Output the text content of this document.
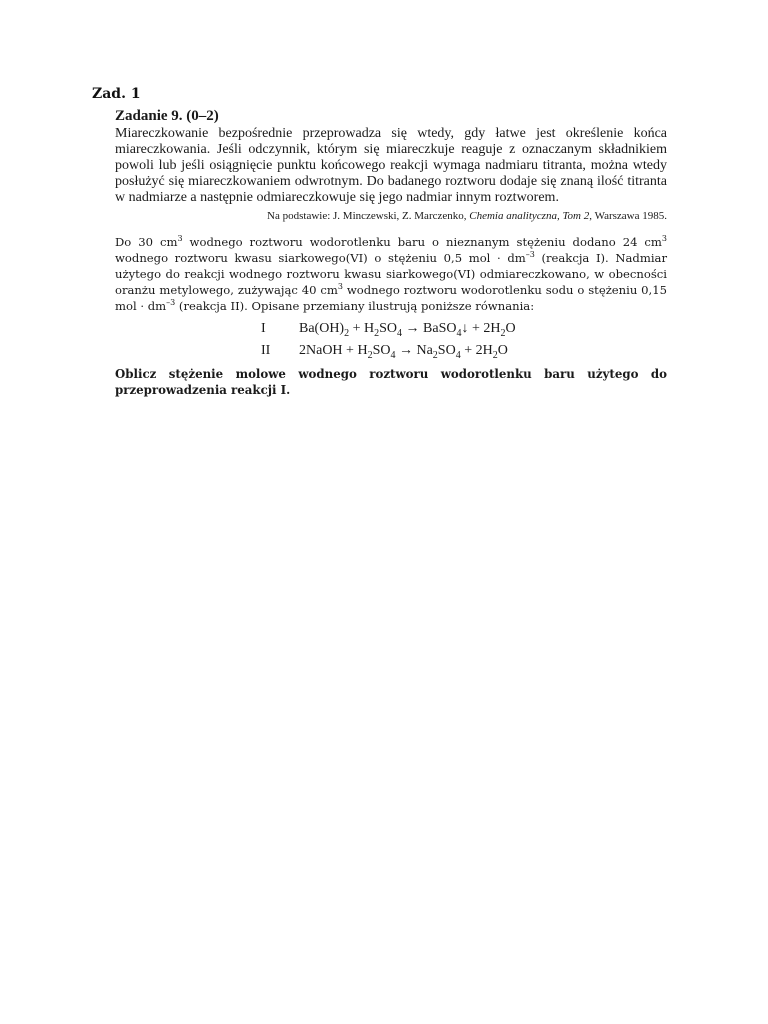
Zad. 1
Zadanie 9. (0–2)

Miareczkowanie bezpośrednie przeprowadza się wtedy, gdy łatwe jest określenie końca miareczkowania. Jeśli odczynnik, którym się miareczkuje reaguje z oznaczanym składnikiem powoli lub jeśli osiągnięcie punktu końcowego reakcji wymaga nadmiaru titranta, można wtedy posłużyć się miareczkowaniem odwrotnym. Do badanego roztworu dodaje się znaną ilość titranta w nadmiarze a następnie odmiareczkowuje się jego nadmiar innym roztworem.

Na podstawie: J. Minczewski, Z. Marczenko, Chemia analityczna, Tom 2, Warszawa 1985.

Do 30 $cm^3$ wodnego roztworu wodorotlenku baru o nieznanym stężeniu dodano 24 $cm^3$ wodnego roztworu kwasu siarkowego(VI) o stężeniu 0,5 mol · $dm^{-3}$ (reakcja I). Nadmiar użytego do reakcji wodnego roztworu kwasu siarkowego(VI) odmiareczkowano, w obecności oranżu metylowego, zużywając 40 $cm^3$ wodnego roztworu wodorotlenku sodu o stężeniu 0,15 mol · $dm^{-3}$ (reakcja II). Opisane przemiany ilustrują poniższe równania:

I	$Ba(OH)_2 + H_2SO_4$ → BaSO$_4$↓ + $2H_2O$
II	2NaOH + $H_2SO_4 \to Na_2SO_4 + 2H_2O$

Oblicz stężenie molowe wodnego roztworu wodorotlenku baru użytego do przeprowadzenia reakcji I.
